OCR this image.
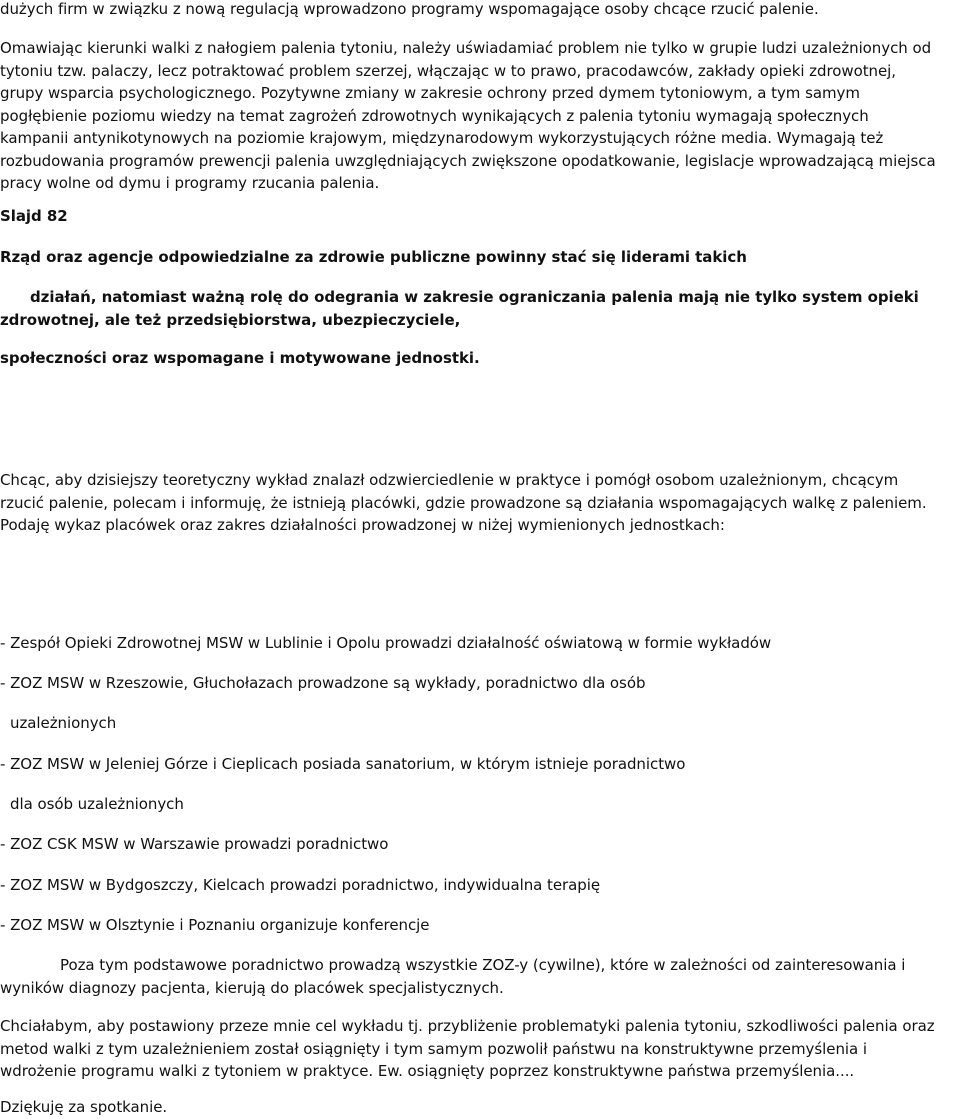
dużych firm w związku z nową regulacją wprowadzono programy wspomagające osoby chcące rzucić palenie.
Omawiając kierunki walki z nałogiem palenia tytoniu, należy uświadamiać problem nie tylko w grupie ludzi uzależnionych od
tytoniu tzw. palaczy, lecz potraktować problem szerzej, włączając w to prawo, pracodawców, zakłady opieki zdrowotnej,
grupy wsparcia psychologicznego. Pozytywne zmiany w zakresie ochrony przed dymem tytoniowym, a tym samym
pogłębienie poziomu wiedzy na temat zagrożeń zdrowotnych wynikających z palenia tytoniu wymagają społecznych
kampanii antynikotynowych na poziomie krajowym, międzynarodowym wykorzystujących różne media. Wymagają też
rozbudowania programów prewencji palenia uwzględniających zwiększone opodatkowanie, legislacje wprowadzającą miejsca
pracy wolne od dymu i programy rzucania palenia.
Slajd 82
Rząd oraz agencje odpowiedzialne za zdrowie publiczne powinny stać się liderami takich
działań, natomiast ważną rolę do odegrania w zakresie ograniczania palenia mają nie tylko system opieki
zdrowotnej, ale też przedsiębiorstwa, ubezpieczyciele,
społeczności oraz wspomagane i motywowane jednostki.
Chcąc, aby dzisiejszy teoretyczny wykład znalazł odzwierciedlenie w praktyce i pomógł osobom uzależnionym, chcącym
rzucić palenie, polecam i informuję, że istnieją placówki, gdzie prowadzone są działania wspomagających walkę z paleniem.
Podaję wykaz placówek oraz zakres działalności prowadzonej w niżej wymienionych jednostkach:
- Zespół Opieki Zdrowotnej MSW w Lublinie i Opolu prowadzi działalność oświatową w formie wykładów
- ZOZ MSW w Rzeszowie, Głuchołazach prowadzone są wykłady, poradnictwo dla osób
uzależnionych
- ZOZ MSW w Jeleniej Górze i Cieplicach posiada sanatorium, w którym istnieje poradnictwo
dla osób uzależnionych
- ZOZ CSK MSW w Warszawie prowadzi poradnictwo
- ZOZ MSW w Bydgoszczy, Kielcach prowadzi poradnictwo, indywidualna terapię
- ZOZ MSW w Olsztynie i Poznaniu organizuje konferencje
Poza tym podstawowe poradnictwo prowadzą wszystkie ZOZ-y (cywilne), które w zależności od zainteresowania i
wyników diagnozy pacjenta, kierują do placówek specjalistycznych.
Chciałabym, aby postawiony przeze mnie cel wykładu tj. przybliżenie problematyki palenia tytoniu, szkodliwości palenia oraz
metod walki z tym uzależnieniem został osiągnięty i tym samym pozwolił państwu na konstruktywne przemyślenia i
wdrożenie programu walki z tytoniem w praktyce. Ew. osiągnięty poprzez konstruktywne państwa przemyślenia....
Dziękuję za spotkanie.
